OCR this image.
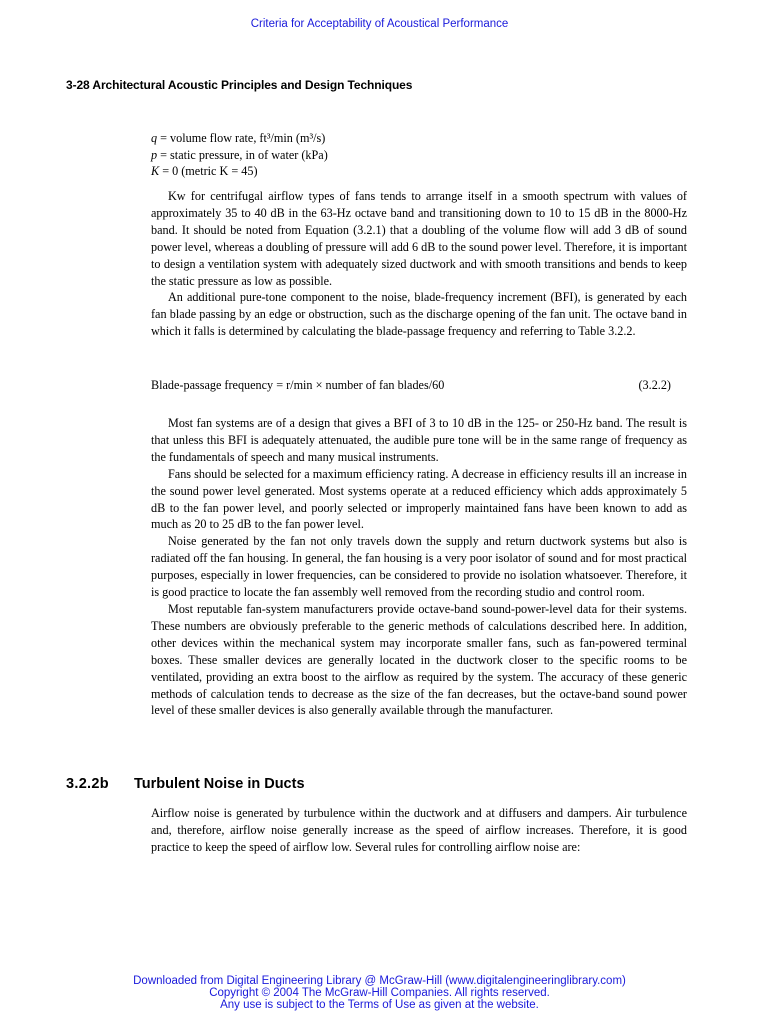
Criteria for Acceptability of Acoustical Performance
3-28 Architectural Acoustic Principles and Design Techniques
q = volume flow rate, ft³/min (m³/s)
p = static pressure, in of water (kPa)
K = 0 (metric K = 45)

Kw for centrifugal airflow types of fans tends to arrange itself in a smooth spectrum with values of approximately 35 to 40 dB in the 63-Hz octave band and transitioning down to 10 to 15 dB in the 8000-Hz band. It should be noted from Equation (3.2.1) that a doubling of the volume flow will add 3 dB of sound power level, whereas a doubling of pressure will add 6 dB to the sound power level. Therefore, it is important to design a ventilation system with adequately sized ductwork and with smooth transitions and bends to keep the static pressure as low as possible.

An additional pure-tone component to the noise, blade-frequency increment (BFI), is generated by each fan blade passing by an edge or obstruction, such as the discharge opening of the fan unit. The octave band in which it falls is determined by calculating the blade-passage frequency and referring to Table 3.2.2.

Blade-passage frequency = r/min × number of fan blades/60	(3.2.2)

Most fan systems are of a design that gives a BFI of 3 to 10 dB in the 125- or 250-Hz band. The result is that unless this BFI is adequately attenuated, the audible pure tone will be in the same range of frequency as the fundamentals of speech and many musical instruments.

Fans should be selected for a maximum efficiency rating. A decrease in efficiency results ill an increase in the sound power level generated. Most systems operate at a reduced efficiency which adds approximately 5 dB to the fan power level, and poorly selected or improperly maintained fans have been known to add as much as 20 to 25 dB to the fan power level.

Noise generated by the fan not only travels down the supply and return ductwork systems but also is radiated off the fan housing. In general, the fan housing is a very poor isolator of sound and for most practical purposes, especially in lower frequencies, can be considered to provide no isolation whatsoever. Therefore, it is good practice to locate the fan assembly well removed from the recording studio and control room.

Most reputable fan-system manufacturers provide octave-band sound-power-level data for their systems. These numbers are obviously preferable to the generic methods of calculations described here. In addition, other devices within the mechanical system may incorporate smaller fans, such as fan-powered terminal boxes. These smaller devices are generally located in the ductwork closer to the specific rooms to be ventilated, providing an extra boost to the airflow as required by the system. The accuracy of these generic methods of calculation tends to decrease as the size of the fan decreases, but the octave-band sound power level of these smaller devices is also generally available through the manufacturer.

3.2.2b Turbulent Noise in Ducts

Airflow noise is generated by turbulence within the ductwork and at diffusers and dampers. Air turbulence and, therefore, airflow noise generally increase as the speed of airflow increases. Therefore, it is good practice to keep the speed of airflow low. Several rules for controlling airflow noise are:

Downloaded from Digital Engineering Library @ McGraw-Hill (www.digitalengineeringlibrary.com)
Copyright © 2004 The McGraw-Hill Companies. All rights reserved.
Any use is subject to the Terms of Use as given at the website.
